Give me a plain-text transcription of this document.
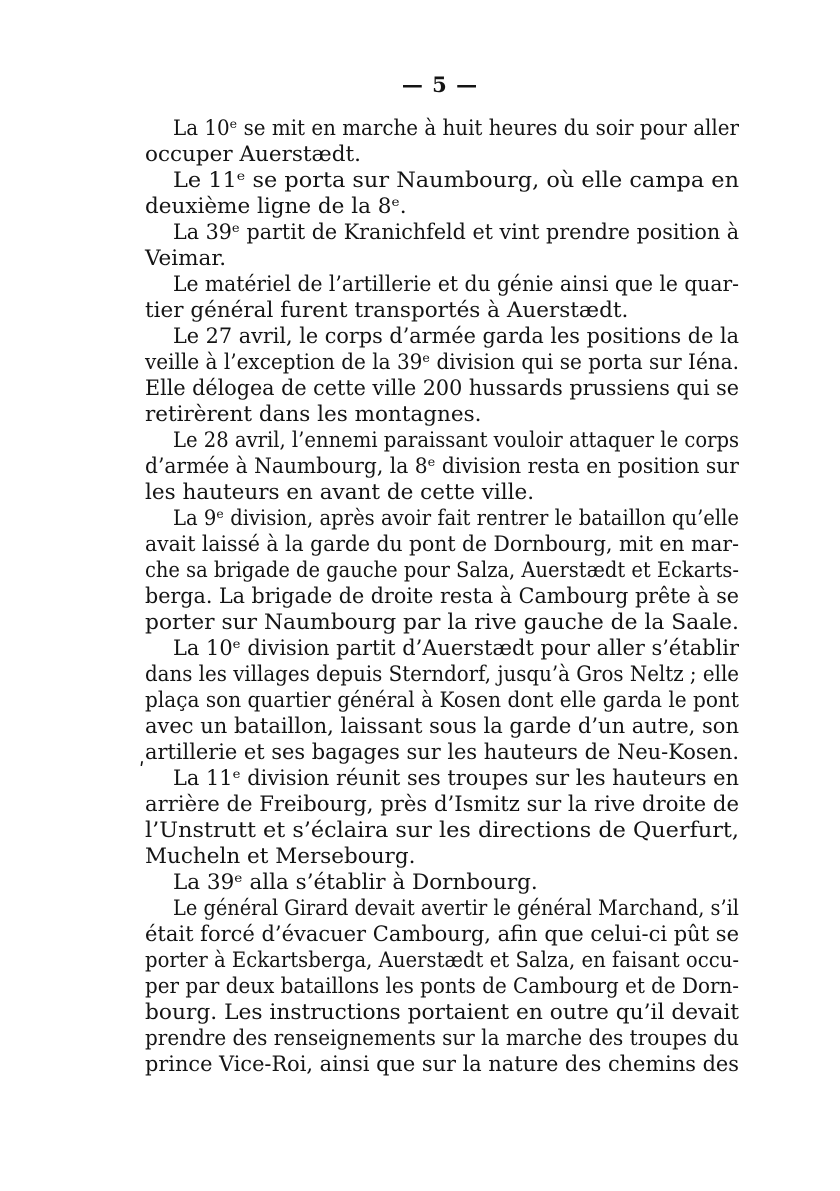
— 5 —
ʹ
La 10ᵉ se mit en marche à huit heures du soir pour aller
occuper Auerstædt.
Le 11ᵉ se porta sur Naumbourg, où elle campa en
deuxième ligne de la 8ᵉ.
La 39ᵉ partit de Kranichfeld et vint prendre position à
Veimar.
Le matériel de l’artillerie et du génie ainsi que le quar-
tier général furent transportés à Auerstædt.
Le 27 avril, le corps d’armée garda les positions de la
veille à l’exception de la 39ᵉ division qui se porta sur Iéna.
Elle délogea de cette ville 200 hussards prussiens qui se
retirèrent dans les montagnes.
Le 28 avril, l’ennemi paraissant vouloir attaquer le corps
d’armée à Naumbourg, la 8ᵉ division resta en position sur
les hauteurs en avant de cette ville.
La 9ᵉ division, après avoir fait rentrer le bataillon qu’elle
avait laissé à la garde du pont de Dornbourg, mit en mar-
che sa brigade de gauche pour Salza, Auerstædt et Eckarts-
berga. La brigade de droite resta à Cambourg prête à se
porter sur Naumbourg par la rive gauche de la Saale.
La 10ᵉ division partit d’Auerstædt pour aller s’établir
dans les villages depuis Sterndorf, jusqu’à Gros Neltz ; elle
plaça son quartier général à Kosen dont elle garda le pont
avec un bataillon, laissant sous la garde d’un autre, son
artillerie et ses bagages sur les hauteurs de Neu-Kosen.
La 11ᵉ division réunit ses troupes sur les hauteurs en
arrière de Freibourg, près d’Ismitz sur la rive droite de
l’Unstrutt et s’éclaira sur les directions de Querfurt,
Mucheln et Mersebourg.
La 39ᵉ alla s’établir à Dornbourg.
Le général Girard devait avertir le général Marchand, s’il
était forcé d’évacuer Cambourg, afin que celui-ci pût se
porter à Eckartsberga, Auerstædt et Salza, en faisant occu-
per par deux bataillons les ponts de Cambourg et de Dorn-
bourg. Les instructions portaient en outre qu’il devait
prendre des renseignements sur la marche des troupes du
prince Vice-Roi, ainsi que sur la nature des chemins des
